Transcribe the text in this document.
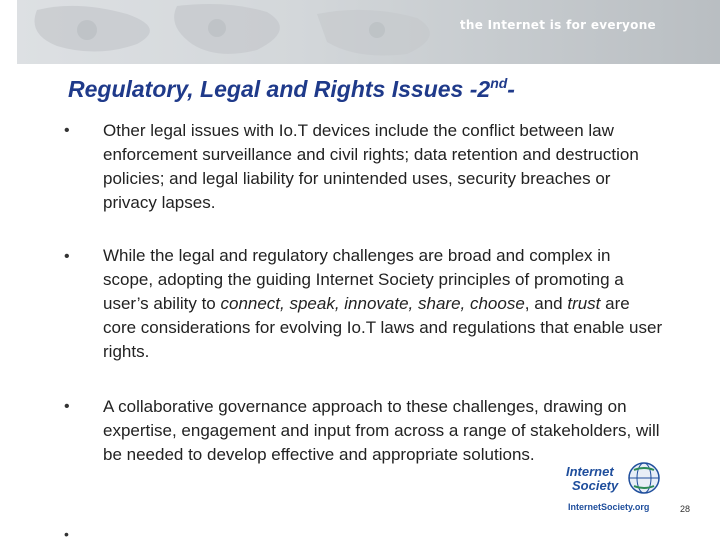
the Internet is for everyone
Regulatory, Legal and Rights Issues -2nd-
• Other legal issues with Io.T devices include the conflict between law enforcement surveillance and civil rights; data retention and destruction policies; and legal liability for unintended uses, security breaches or privacy lapses.
• While the legal and regulatory challenges are broad and complex in scope, adopting the guiding Internet Society principles of promoting a user’s ability to connect, speak, innovate, share, choose, and trust are core considerations for evolving Io.T laws and regulations that enable user rights.
• A collaborative governance approach to these challenges, drawing on expertise, engagement and input from across a range of stakeholders, will be needed to develop effective and appropriate solutions.
Internet
Society
InternetSociety.org	28
•
